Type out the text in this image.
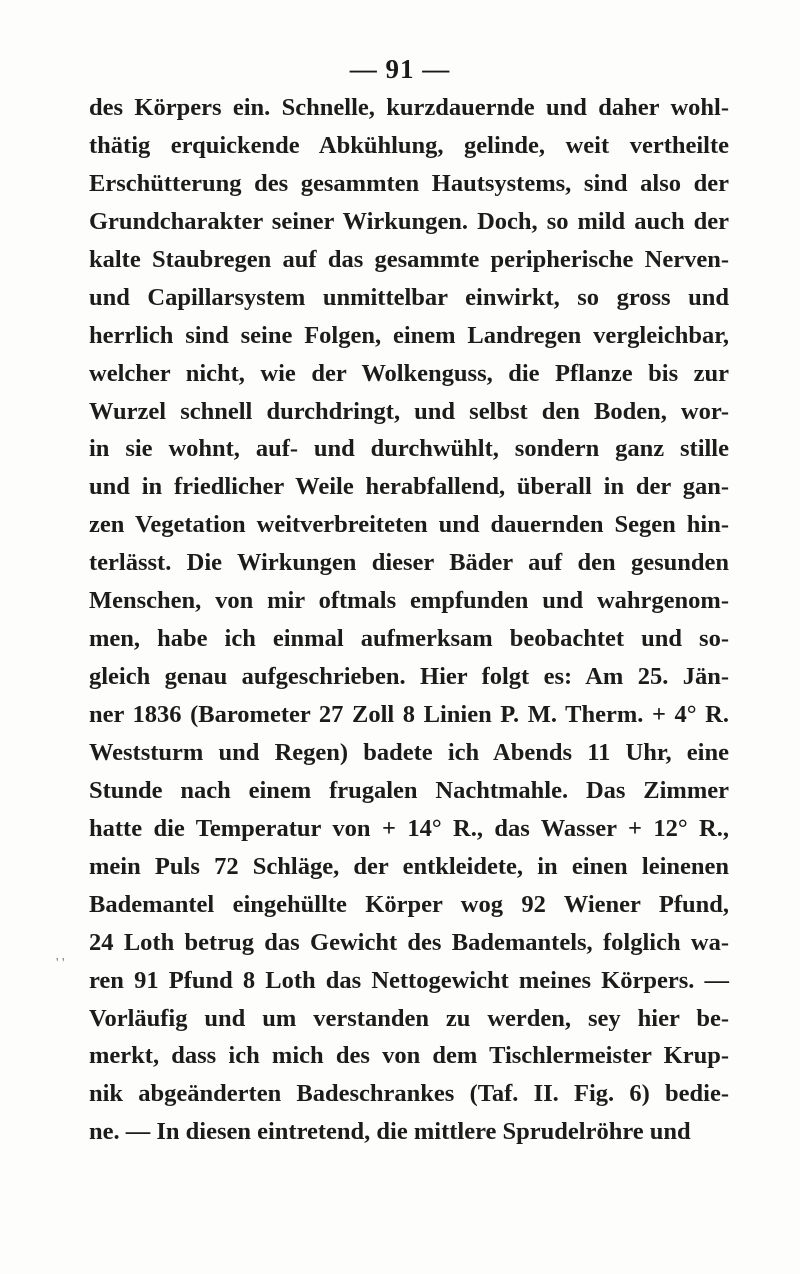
— 91 —
' '
des Körpers ein. Schnelle, kurzdauernde und daher wohl-
thätig erquickende Abkühlung, gelinde, weit vertheilte
Erschütterung des gesammten Hautsystems, sind also der
Grundcharakter seiner Wirkungen. Doch, so mild auch der
kalte Staubregen auf das gesammte peripherische Nerven-
und Capillarsystem unmittelbar einwirkt, so gross und
herrlich sind seine Folgen, einem Landregen vergleichbar,
welcher nicht, wie der Wolkenguss, die Pflanze bis zur
Wurzel schnell durchdringt, und selbst den Boden, wor-
in sie wohnt, auf- und durchwühlt, sondern ganz stille
und in friedlicher Weile herabfallend, überall in der gan-
zen Vegetation weitverbreiteten und dauernden Segen hin-
terlässt. Die Wirkungen dieser Bäder auf den gesunden
Menschen, von mir oftmals empfunden und wahrgenom-
men, habe ich einmal aufmerksam beobachtet und so-
gleich genau aufgeschrieben. Hier folgt es: Am 25. Jän-
ner 1836 (Barometer 27 Zoll 8 Linien P. M. Therm. + 4° R.
Weststurm und Regen) badete ich Abends 11 Uhr, eine
Stunde nach einem frugalen Nachtmahle. Das Zimmer
hatte die Temperatur von + 14° R., das Wasser + 12° R.,
mein Puls 72 Schläge, der entkleidete, in einen leinenen
Bademantel eingehüllte Körper wog 92 Wiener Pfund,
24 Loth betrug das Gewicht des Bademantels, folglich wa-
ren 91 Pfund 8 Loth das Nettogewicht meines Körpers. —
Vorläufig und um verstanden zu werden, sey hier be-
merkt, dass ich mich des von dem Tischlermeister Krup-
nik abgeänderten Badeschrankes (Taf. II. Fig. 6) bedie-
ne. — In diesen eintretend, die mittlere Sprudelröhre und
